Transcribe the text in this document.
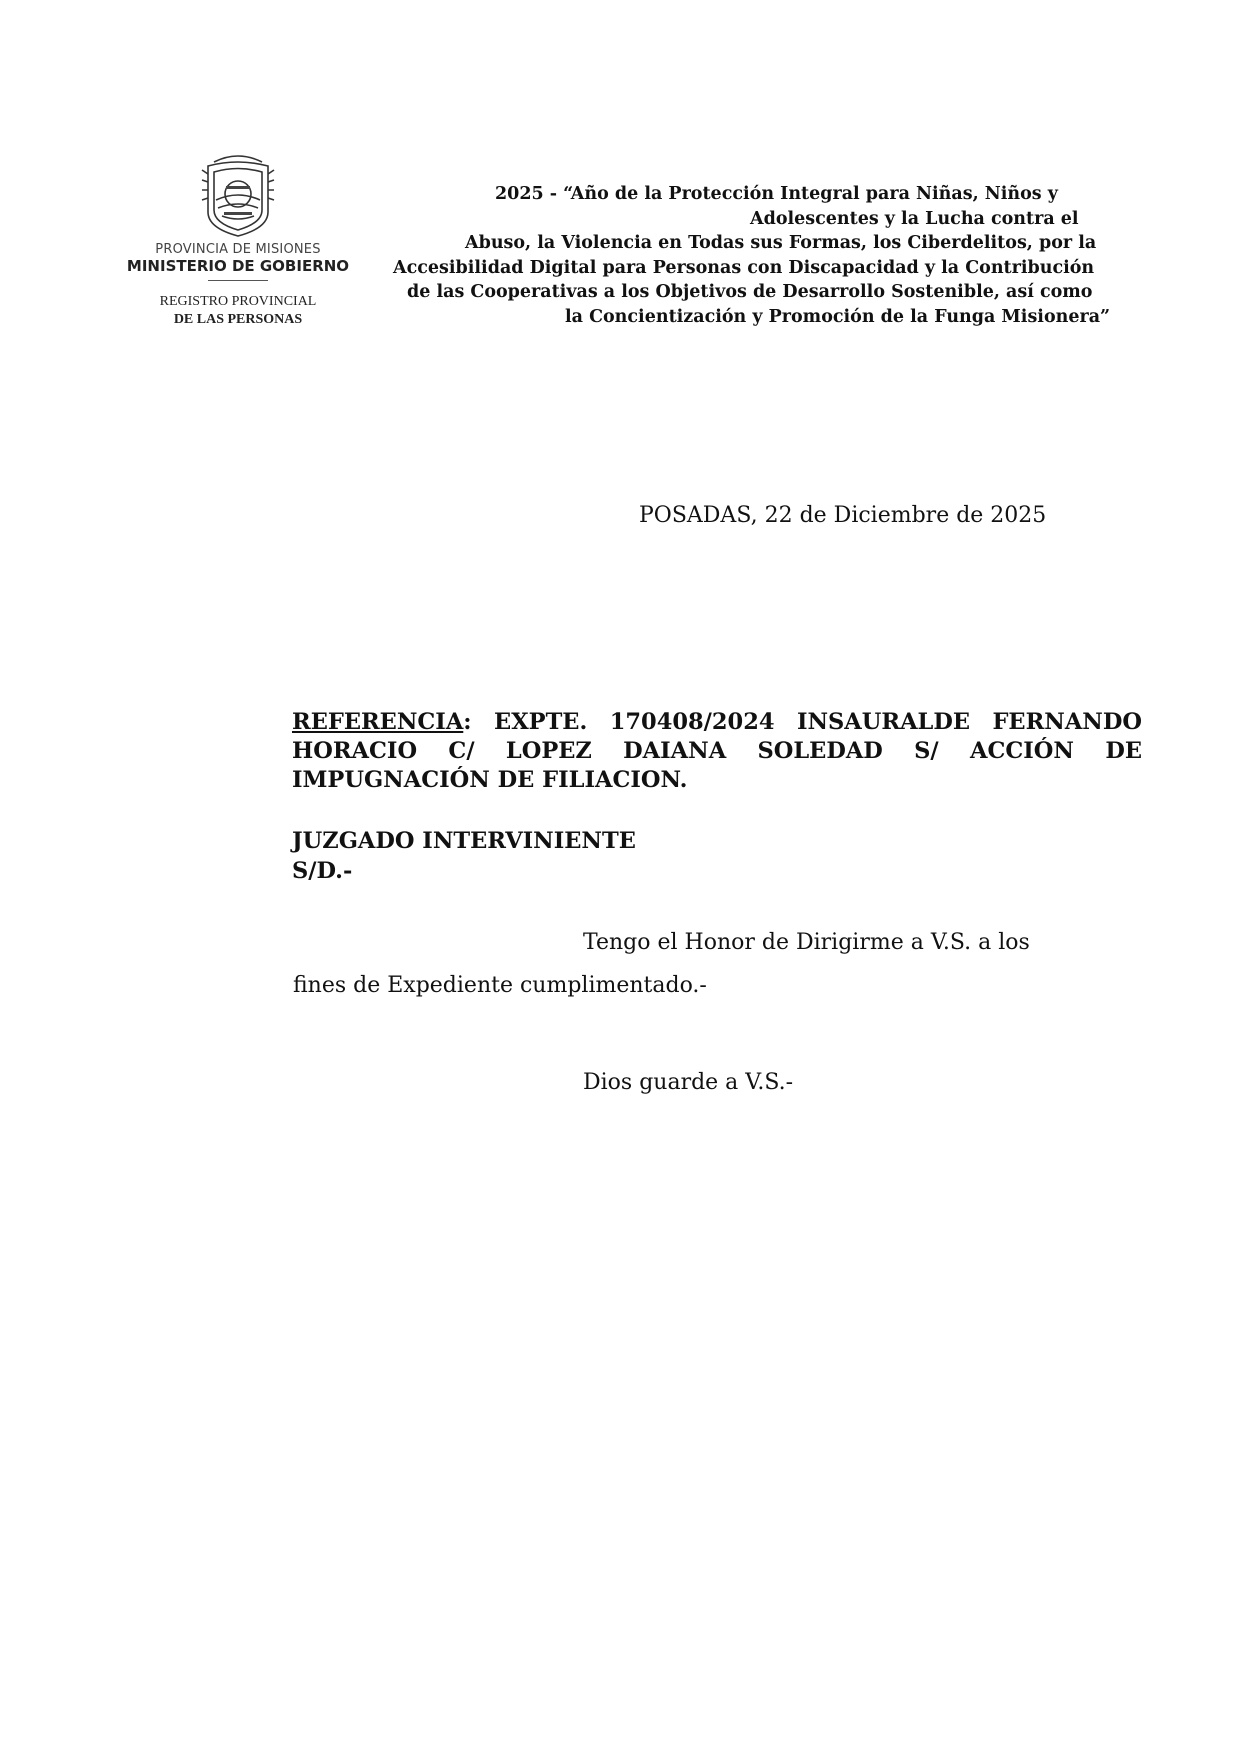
PROVINCIA DE MISIONES
MINISTERIO DE GOBIERNO
REGISTRO PROVINCIAL
DE LAS PERSONAS
2025 - “Año de la Protección Integral para Niñas, Niños y
Adolescentes y la Lucha contra el
Abuso, la Violencia en Todas sus Formas, los Ciberdelitos, por la
Accesibilidad Digital para Personas con Discapacidad y la Contribución
de las Cooperativas a los Objetivos de Desarrollo Sostenible, así como
la Concientización y Promoción de la Funga Misionera”
POSADAS, 22 de Diciembre de 2025
REFERENCIA: EXPTE. 170408/2024 INSAURALDE FERNANDO
HORACIO C/ LOPEZ DAIANA SOLEDAD S/ ACCIÓN DE
IMPUGNACIÓN DE FILIACION.
JUZGADO INTERVINIENTE
S/D.-
Tengo el Honor de Dirigirme a V.S. a los
fines de Expediente cumplimentado.-
Dios guarde a V.S.-
